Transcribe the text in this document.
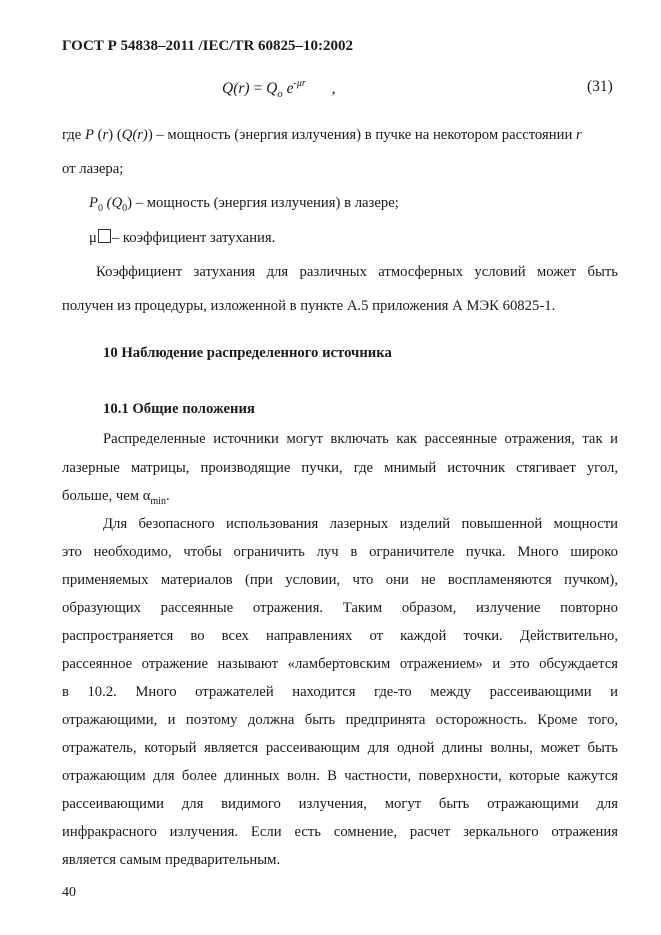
ГОСТ Р 54838–2011 /IEC/TR 60825–10:2002
$Q(r) = Q_o$ $e^{-\mu r}$ ,	(31)
где P (r) (Q(r)) – мощность (энергия излучения) в пучке на некотором расстоянии r
от лазера;
$P_0$ $(Q_0)$ – мощность (энергия излучения) в лазере;
μ – коэффициент затухания.
Коэффициент затухания для различных атмосферных условий может быть
получен из процедуры, изложенной в пункте А.5 приложения А МЭК 60825-1.
10 Наблюдение распределенного источника
10.1 Общие положения
Распределенные источники могут включать как рассеянные отражения, так и
лазерные матрицы, производящие пучки, где мнимый источник стягивает угол,
больше, чем $\alpha_{min}$.
Для безопасного использования лазерных изделий повышенной мощности
это необходимо, чтобы ограничить луч в ограничителе пучка. Много широко
применяемых материалов (при условии, что они не воспламеняются пучком),
образующих рассеянные отражения. Таким образом, излучение повторно
распространяется во всех направлениях от каждой точки. Действительно,
рассеянное отражение называют «ламбертовским отражением» и это обсуждается
в 10.2. Много отражателей находится где-то между рассеивающими и
отражающими, и поэтому должна быть предпринята осторожность. Кроме того,
отражатель, который является рассеивающим для одной длины волны, может быть
отражающим для более длинных волн. В частности, поверхности, которые кажутся
рассеивающими для видимого излучения, могут быть отражающими для
инфракрасного излучения. Если есть сомнение, расчет зеркального отражения
является самым предварительным.
40
